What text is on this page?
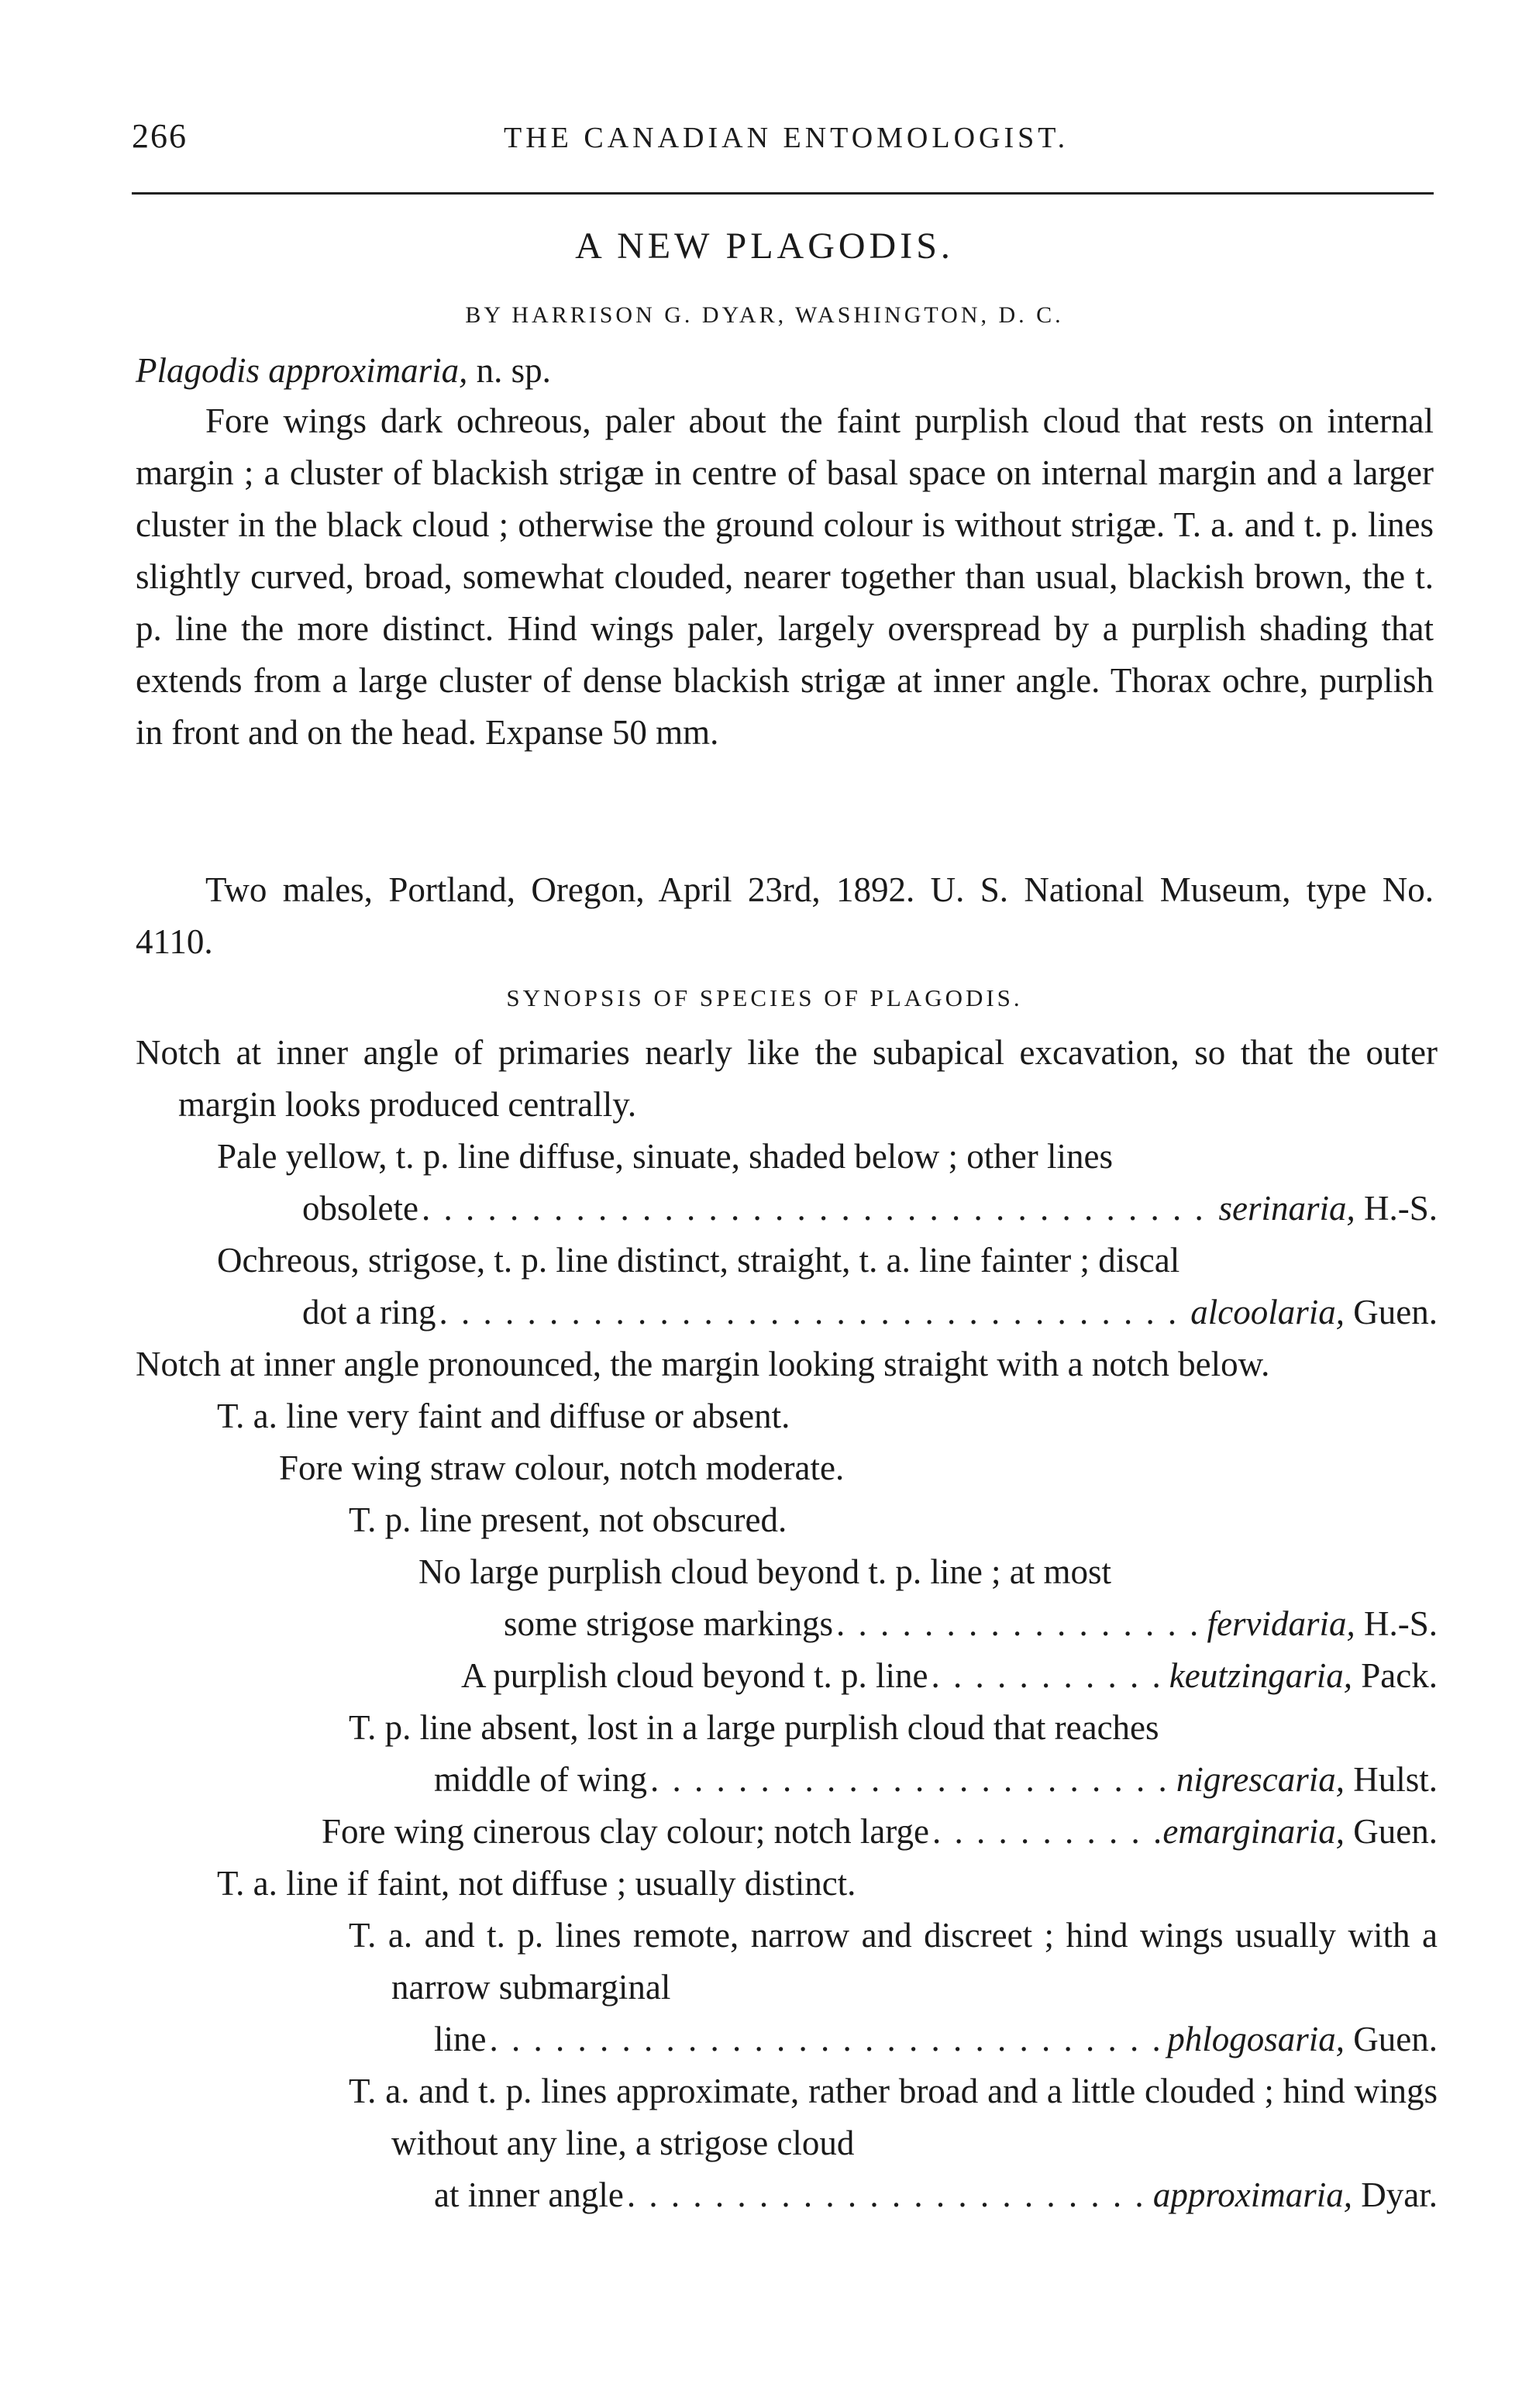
266	THE CANADIAN ENTOMOLOGIST.
A NEW PLAGODIS.
BY HARRISON G. DYAR, WASHINGTON, D. C.
Plagodis approximaria, n. sp.
Fore wings dark ochreous, paler about the faint purplish cloud that rests on internal margin ; a cluster of blackish strigæ in centre of basal space on internal margin and a larger cluster in the black cloud ; otherwise the ground colour is without strigæ. T. a. and t. p. lines slightly curved, broad, somewhat clouded, nearer together than usual, blackish brown, the t. p. line the more distinct. Hind wings paler, largely overspread by a purplish shading that extends from a large cluster of dense blackish strigæ at inner angle. Thorax ochre, purplish in front and on the head. Expanse 50 mm.
Two males, Portland, Oregon, April 23rd, 1892. U. S. National Museum, type No. 4110.
SYNOPSIS OF SPECIES OF PLAGODIS.
Notch at inner angle of primaries nearly like the subapical excavation, so that the outer margin looks produced centrally.
Pale yellow, t. p. line diffuse, sinuate, shaded below ; other lines
obsolete . . .	serinaria, H.-S.
Ochreous, strigose, t. p. line distinct, straight, t. a. line fainter ; discal
dot a ring . . .	alcoolaria, Guen.
Notch at inner angle pronounced, the margin looking straight with a notch below.
T. a. line very faint and diffuse or absent.
Fore wing straw colour, notch moderate.
T. p. line present, not obscured.
No large purplish cloud beyond t. p. line ; at most
some strigose markings . . .	fervidaria, H.-S.
A purplish cloud beyond t. p. line . . .	keutzingaria, Pack.
T. p. line absent, lost in a large purplish cloud that reaches
middle of wing . . .	nigrescaria, Hulst.
Fore wing cinerous clay colour; notch large . . .	emarginaria, Guen.
T. a. line if faint, not diffuse ; usually distinct.
T. a. and t. p. lines remote, narrow and discreet ; hind wings usually with a narrow submarginal
line . . .	phlogosaria, Guen.
T. a. and t. p. lines approximate, rather broad and a little clouded ; hind wings without any line, a strigose cloud
at inner angle . . .	approximaria, Dyar.
